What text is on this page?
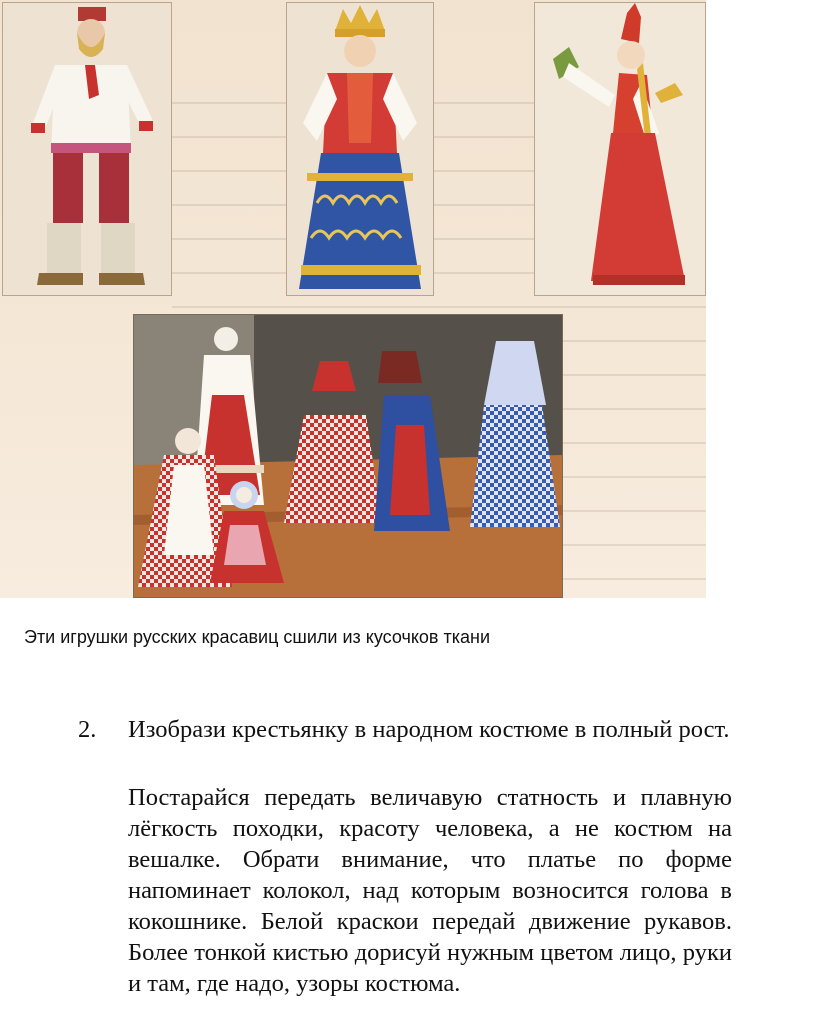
Эти игрушки русских красавиц сшили из кусочков ткани

2. Изобрази крестьянку в народном костюме в полный рост.

Постарайся передать величавую статность и плавную лёгкость походки, красоту человека, а не костюм на вешалке. Обрати внимание, что платье по форме напоминает колокол, над которым возносится голова в кокошнике. Белой краскои передай движение рукавов. Более тонкой кистью дорисуй нужным цветом лицо, руки и там, где надо, узоры костюма.
